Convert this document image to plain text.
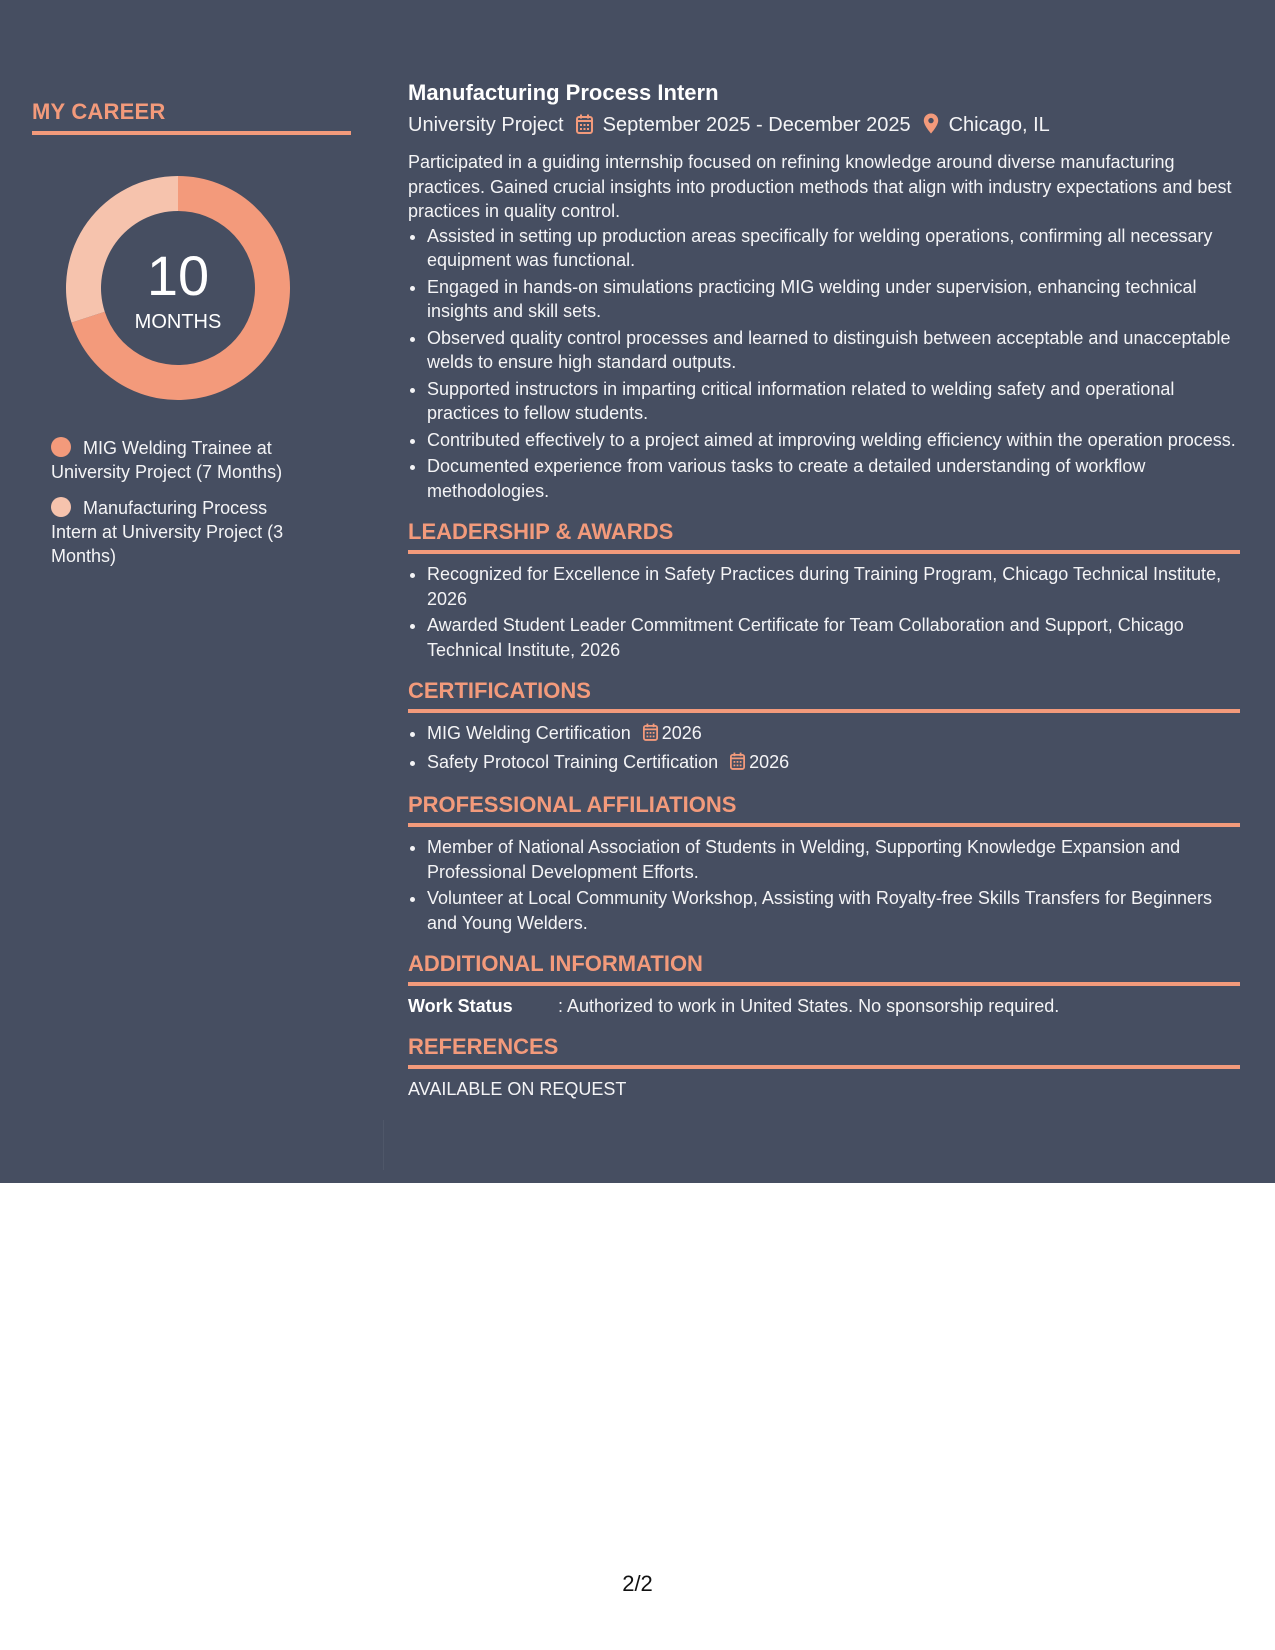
MY CAREER
10
MONTHS
MIG Welding Trainee at University Project (7 Months)
Manufacturing Process Intern at University Project (3 Months)
Manufacturing Process Intern
University Project September 2025 - December 2025 Chicago, IL
Participated in a guiding internship focused on refining knowledge around diverse manufacturing practices. Gained crucial insights into production methods that align with industry expectations and best practices in quality control.
• Assisted in setting up production areas specifically for welding operations, confirming all necessary equipment was functional.
• Engaged in hands-on simulations practicing MIG welding under supervision, enhancing technical insights and skill sets.
• Observed quality control processes and learned to distinguish between acceptable and unacceptable welds to ensure high standard outputs.
• Supported instructors in imparting critical information related to welding safety and operational practices to fellow students.
• Contributed effectively to a project aimed at improving welding efficiency within the operation process.
• Documented experience from various tasks to create a detailed understanding of workflow methodologies.
LEADERSHIP & AWARDS
• Recognized for Excellence in Safety Practices during Training Program, Chicago Technical Institute, 2026
• Awarded Student Leader Commitment Certificate for Team Collaboration and Support, Chicago Technical Institute, 2026
CERTIFICATIONS
• MIG Welding Certification 2026
• Safety Protocol Training Certification 2026
PROFESSIONAL AFFILIATIONS
• Member of National Association of Students in Welding, Supporting Knowledge Expansion and Professional Development Efforts.
• Volunteer at Local Community Workshop, Assisting with Royalty-free Skills Transfers for Beginners and Young Welders.
ADDITIONAL INFORMATION
Work Status	: Authorized to work in United States. No sponsorship required.
REFERENCES
AVAILABLE ON REQUEST
2/2
